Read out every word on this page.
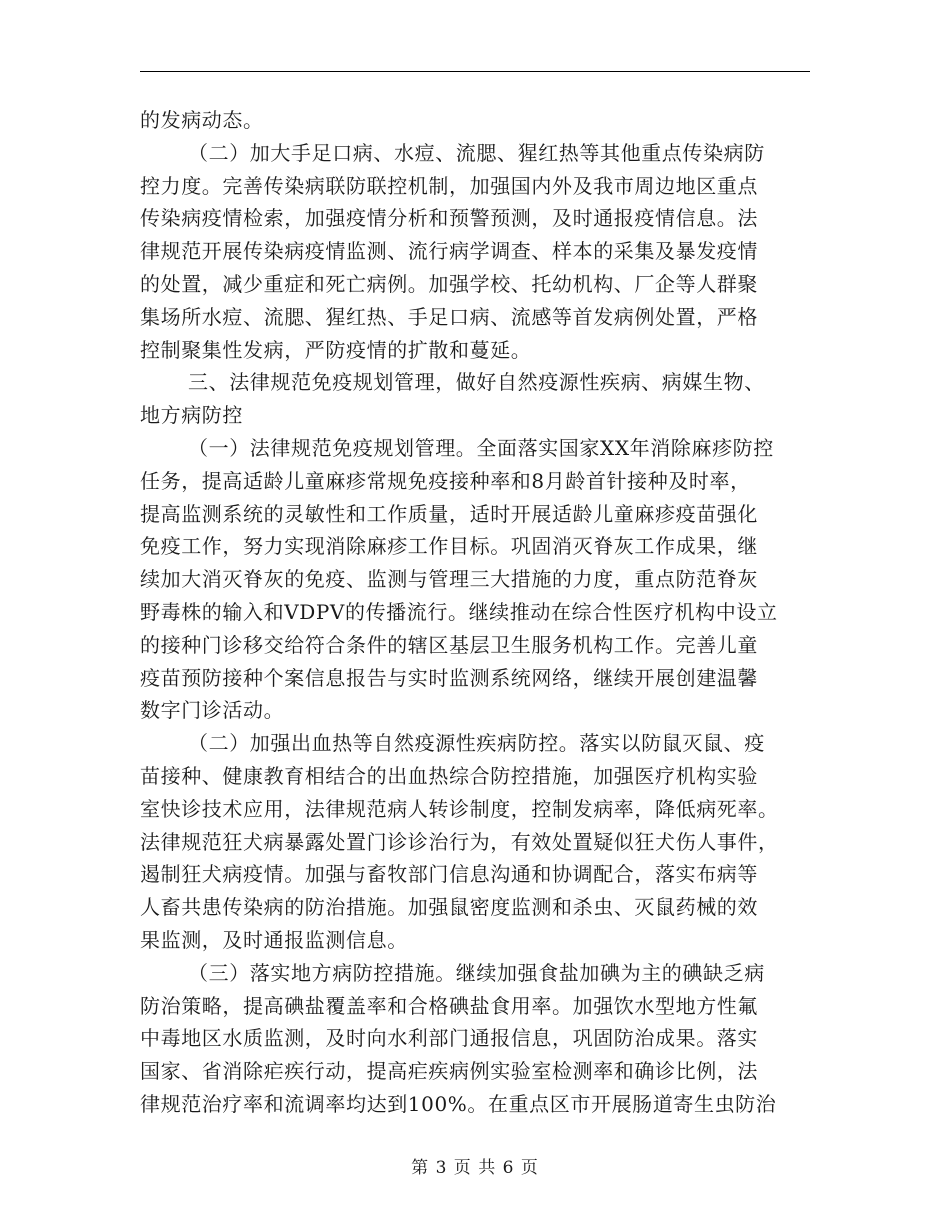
的发病动态。
（二）加大手足口病、水痘、流腮、猩红热等其他重点传染病防
控力度。完善传染病联防联控机制，加强国内外及我市周边地区重点
传染病疫情检索，加强疫情分析和预警预测，及时通报疫情信息。法
律规范开展传染病疫情监测、流行病学调查、样本的采集及暴发疫情
的处置，减少重症和死亡病例。加强学校、托幼机构、厂企等人群聚
集场所水痘、流腮、猩红热、手足口病、流感等首发病例处置，严格
控制聚集性发病，严防疫情的扩散和蔓延。
三、法律规范免疫规划管理，做好自然疫源性疾病、病媒生物、
地方病防控
（一）法律规范免疫规划管理。全面落实国家XX年消除麻疹防控
任务，提高适龄儿童麻疹常规免疫接种率和8月龄首针接种及时率，
提高监测系统的灵敏性和工作质量，适时开展适龄儿童麻疹疫苗强化
免疫工作，努力实现消除麻疹工作目标。巩固消灭脊灰工作成果，继
续加大消灭脊灰的免疫、监测与管理三大措施的力度，重点防范脊灰
野毒株的输入和VDPV的传播流行。继续推动在综合性医疗机构中设立
的接种门诊移交给符合条件的辖区基层卫生服务机构工作。完善儿童
疫苗预防接种个案信息报告与实时监测系统网络，继续开展创建温馨
数字门诊活动。
（二）加强出血热等自然疫源性疾病防控。落实以防鼠灭鼠、疫
苗接种、健康教育相结合的出血热综合防控措施，加强医疗机构实验
室快诊技术应用，法律规范病人转诊制度，控制发病率，降低病死率。
法律规范狂犬病暴露处置门诊诊治行为，有效处置疑似狂犬伤人事件，
遏制狂犬病疫情。加强与畜牧部门信息沟通和协调配合，落实布病等
人畜共患传染病的防治措施。加强鼠密度监测和杀虫、灭鼠药械的效
果监测，及时通报监测信息。
（三）落实地方病防控措施。继续加强食盐加碘为主的碘缺乏病
防治策略，提高碘盐覆盖率和合格碘盐食用率。加强饮水型地方性氟
中毒地区水质监测，及时向水利部门通报信息，巩固防治成果。落实
国家、省消除疟疾行动，提高疟疾病例实验室检测率和确诊比例，法
律规范治疗率和流调率均达到100%。在重点区市开展肠道寄生虫防治
第 3 页 共 6 页
